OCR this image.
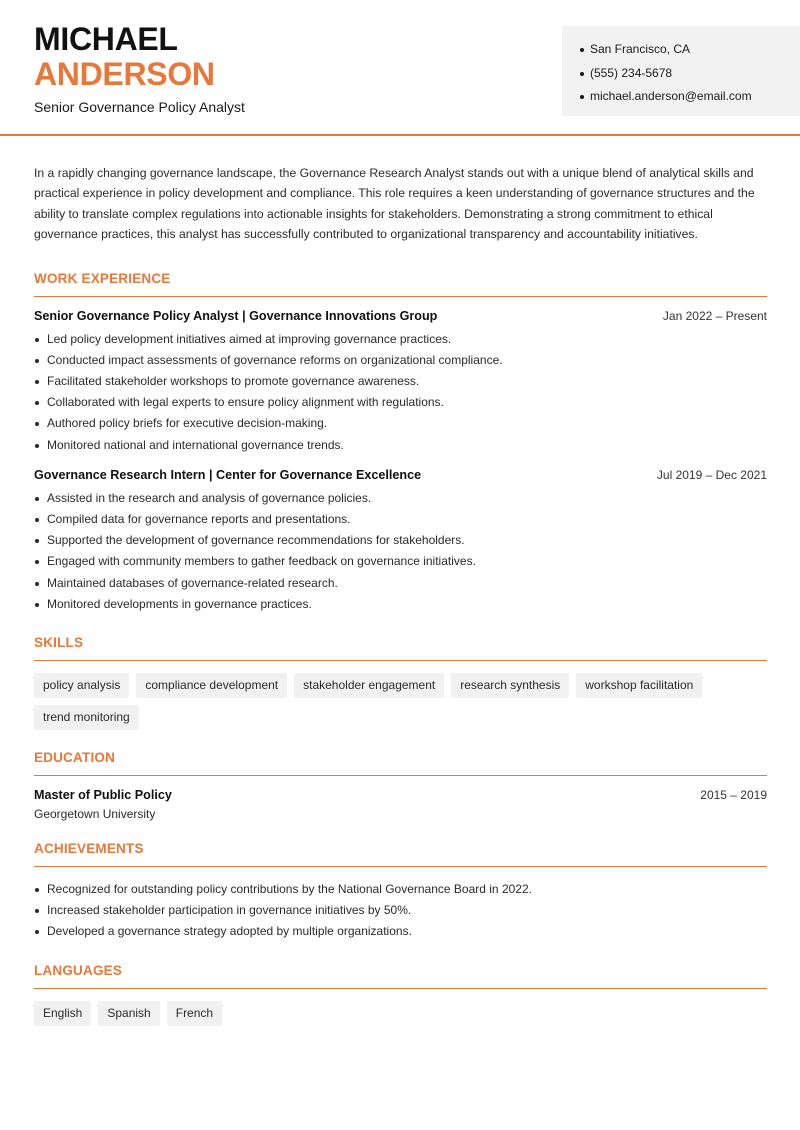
MICHAEL
ANDERSON
Senior Governance Policy Analyst
San Francisco, CA
(555) 234-5678
michael.anderson@email.com

In a rapidly changing governance landscape, the Governance Research Analyst stands out with a unique blend of analytical skills and practical experience in policy development and compliance. This role requires a keen understanding of governance structures and the ability to translate complex regulations into actionable insights for stakeholders. Demonstrating a strong commitment to ethical governance practices, this analyst has successfully contributed to organizational transparency and accountability initiatives.

WORK EXPERIENCE
Senior Governance Policy Analyst | Governance Innovations Group	Jan 2022 – Present
Led policy development initiatives aimed at improving governance practices.
Conducted impact assessments of governance reforms on organizational compliance.
Facilitated stakeholder workshops to promote governance awareness.
Collaborated with legal experts to ensure policy alignment with regulations.
Authored policy briefs for executive decision-making.
Monitored national and international governance trends.
Governance Research Intern | Center for Governance Excellence	Jul 2019 – Dec 2021
Assisted in the research and analysis of governance policies.
Compiled data for governance reports and presentations.
Supported the development of governance recommendations for stakeholders.
Engaged with community members to gather feedback on governance initiatives.
Maintained databases of governance-related research.
Monitored developments in governance practices.
SKILLS
policy analysis	compliance development	stakeholder engagement	research synthesis	workshop facilitation
trend monitoring
EDUCATION
Master of Public Policy	2015 – 2019
Georgetown University
ACHIEVEMENTS
Recognized for outstanding policy contributions by the National Governance Board in 2022.
Increased stakeholder participation in governance initiatives by 50%.
Developed a governance strategy adopted by multiple organizations.
LANGUAGES
English	Spanish	French
